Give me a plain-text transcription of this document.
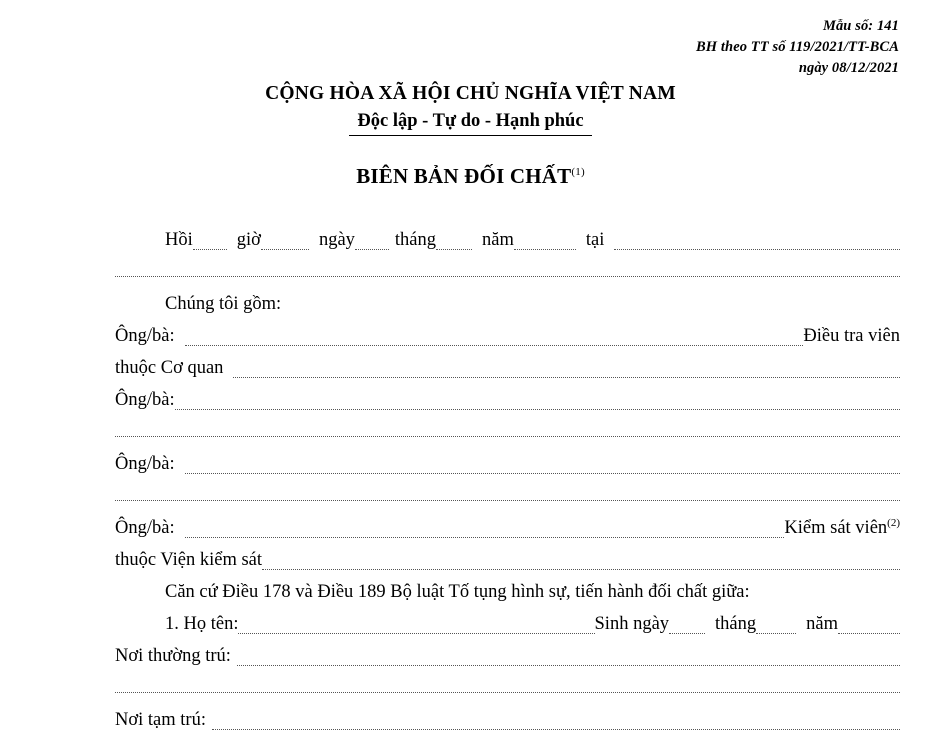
Mẫu số: 141
BH theo TT số 119/2021/TT-BCA
ngày 08/12/2021
CỘNG HÒA XÃ HỘI CHỦ NGHĨA VIỆT NAM
Độc lập - Tự do - Hạnh phúc
BIÊN BẢN ĐỐI CHẤT$^{(1)}$
Hồi giờ	ngày tháng năm	tại
Chúng tôi gồm:
Ông/bà:	Điều tra viên
thuộc Cơ quan
Ông/bà:
Ông/bà:
Ông/bà:	Kiểm sát viên$^{(2)}$
thuộc Viện kiểm sát
Căn cứ Điều 178 và Điều 189 Bộ luật Tố tụng hình sự, tiến hành đối chất giữa:
1. Họ tên:	Sinh ngày tháng	năm
Nơi thường trú:
Nơi tạm trú:
